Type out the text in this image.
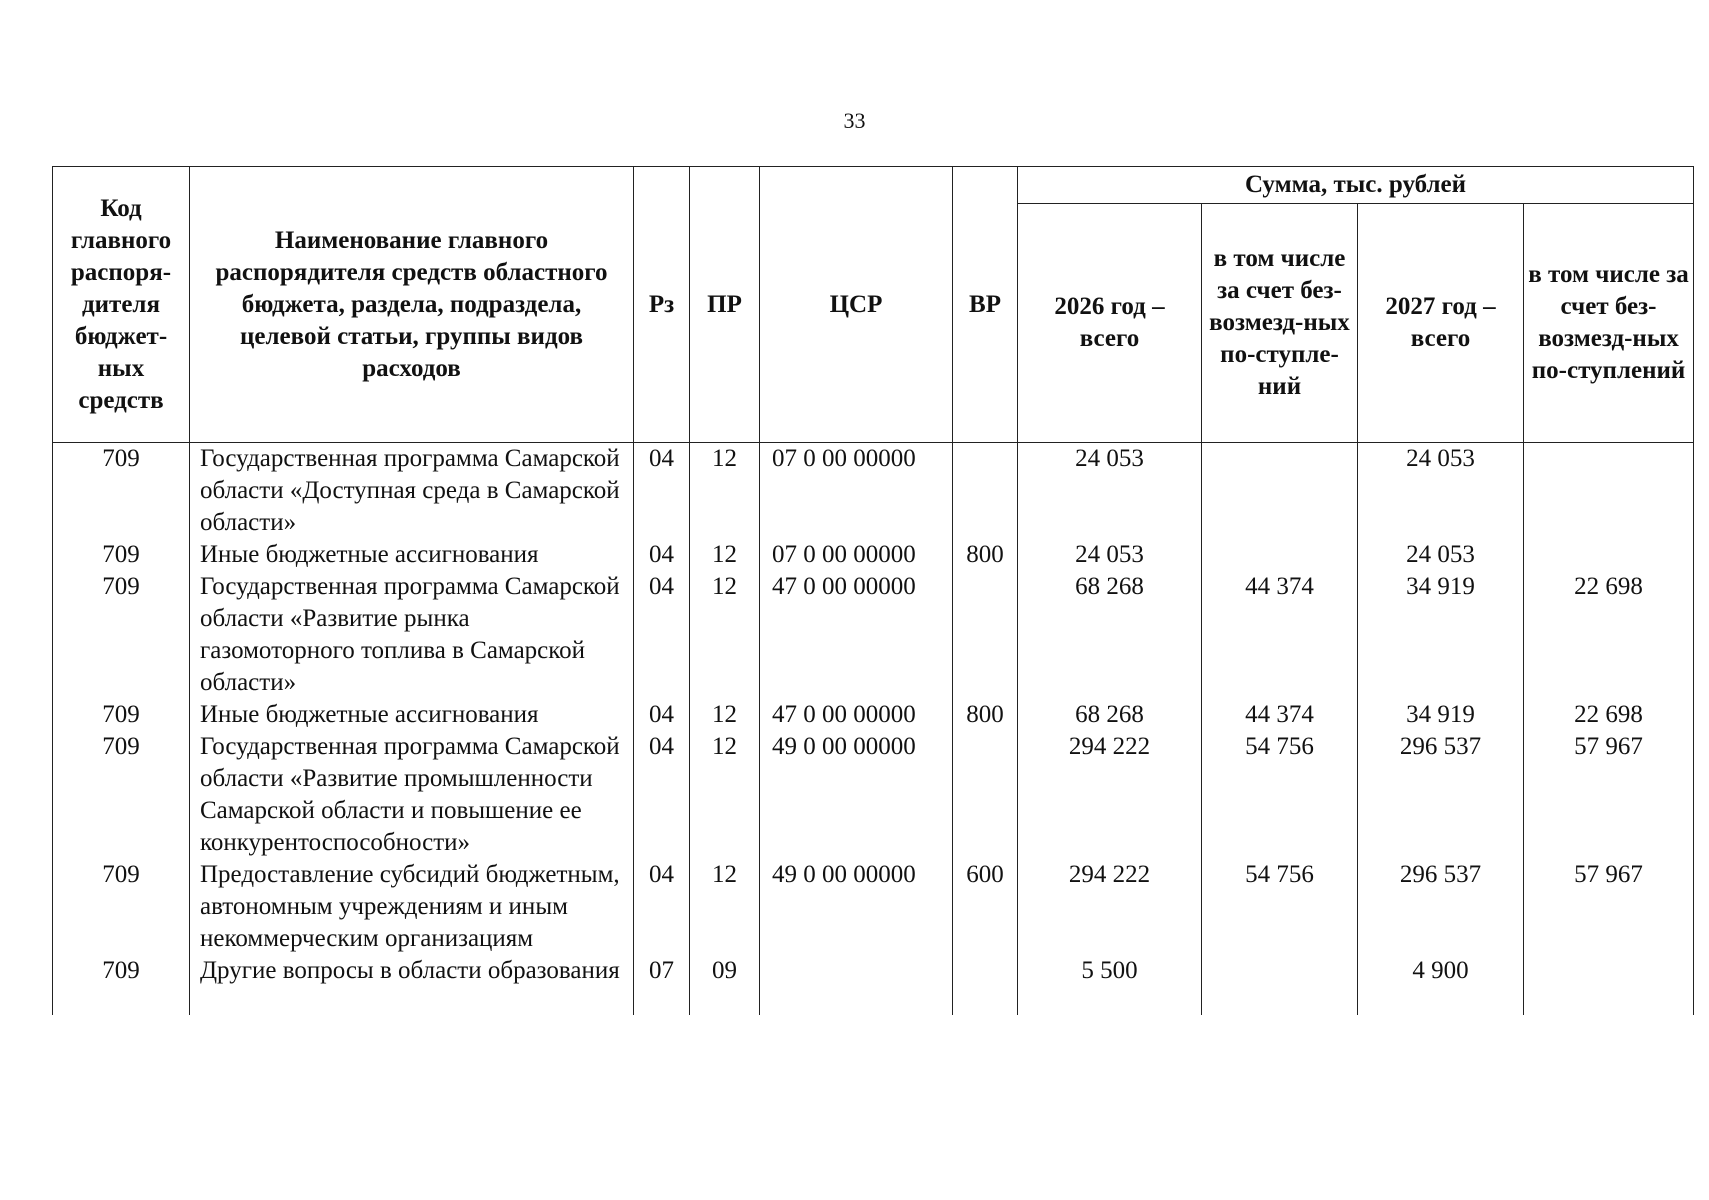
33
Код главного распоря-дителя бюджет-ных средств	Наименование главного распорядителя средств областного бюджета, раздела, подраздела, целевой статьи, группы видов расходов	Рз	ПР	ЦСР	ВР	Сумма, тыс. рублей			
						2026 год – всего	в том числе за счет без-возмезд-ных по-ступле-ний	2027 год – всего	в том числе за счет без-возмезд-ных по-ступлений
709	Государственная программа Самарской области «Доступная среда в Самарской области»	04	12	07 0 00 00000		24 053		24 053	
709	Иные бюджетные ассигнования	04	12	07 0 00 00000	800	24 053		24 053	
709	Государственная программа Самарской области «Развитие рынка газомоторного топлива в Самарской области»	04	12	47 0 00 00000		68 268	44 374	34 919	22 698
709	Иные бюджетные ассигнования	04	12	47 0 00 00000	800	68 268	44 374	34 919	22 698
709	Государственная программа Самарской области «Развитие промышленности Самарской области и повышение ее конкурентоспособности»	04	12	49 0 00 00000		294 222	54 756	296 537	57 967
709	Предоставление субсидий бюджетным, автономным учреждениям и иным некоммерческим организациям	04	12	49 0 00 00000	600	294 222	54 756	296 537	57 967
709	Другие вопросы в области образования	07	09			5 500		4 900	
